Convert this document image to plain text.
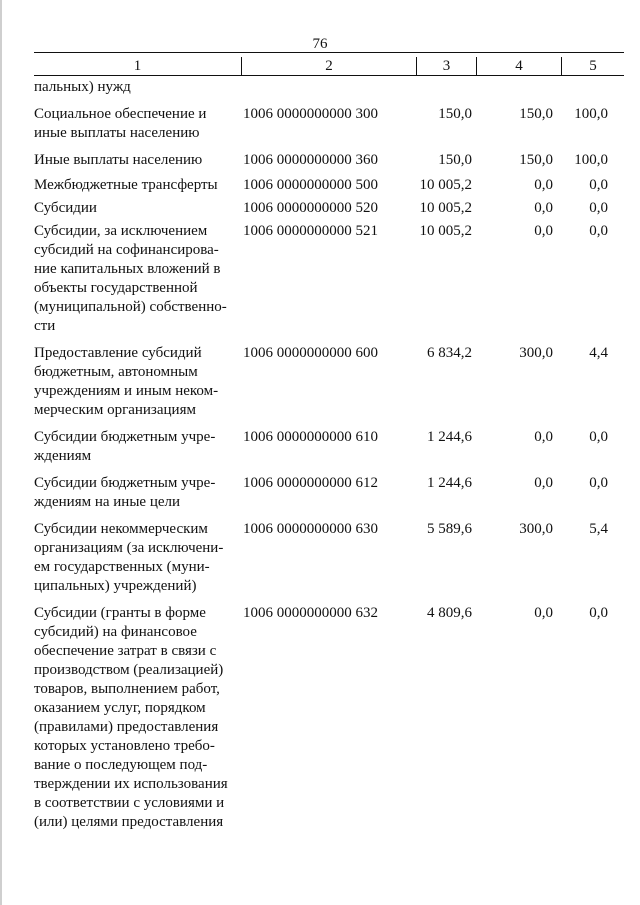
76
1	2	3	4	5
пальных) нужд
Социальное обеспечение и
иные выплаты населению
1006 0000000000 300	150,0	150,0 100,0
Иные выплаты населению	1006 0000000000 360	150,0	150,0 100,0
Межбюджетные трансферты	1006 0000000000 500	10 005,2	0,0 0,0
Субсидии	1006 0000000000 520	10 005,2	0,0 0,0
Субсидии, за исключением
субсидий на софинансирова-
ние капитальных вложений в
объекты государственной
(муниципальной) собственно-
сти
1006 0000000000 521	10 005,2	0,0 0,0
Предоставление субсидий
бюджетным, автономным
учреждениям и иным неком-
мерческим организациям
1006 0000000000 600	6 834,2	300,0 4,4
Субсидии бюджетным учре-
ждениям
1006 0000000000 610	1 244,6	0,0 0,0
Субсидии бюджетным учре-
ждениям на иные цели
1006 0000000000 612	1 244,6	0,0 0,0
Субсидии некоммерческим
организациям (за исключени-
ем государственных (муни-
ципальных) учреждений)
1006 0000000000 630	5 589,6	300,0 5,4
Субсидии (гранты в форме
субсидий) на финансовое
обеспечение затрат в связи с
производством (реализацией)
товаров, выполнением работ,
оказанием услуг, порядком
(правилами) предоставления
которых установлено требо-
вание о последующем под-
тверждении их использования
в соответствии с условиями и
(или) целями предоставления
1006 0000000000 632	4 809,6	0,0 0,0
